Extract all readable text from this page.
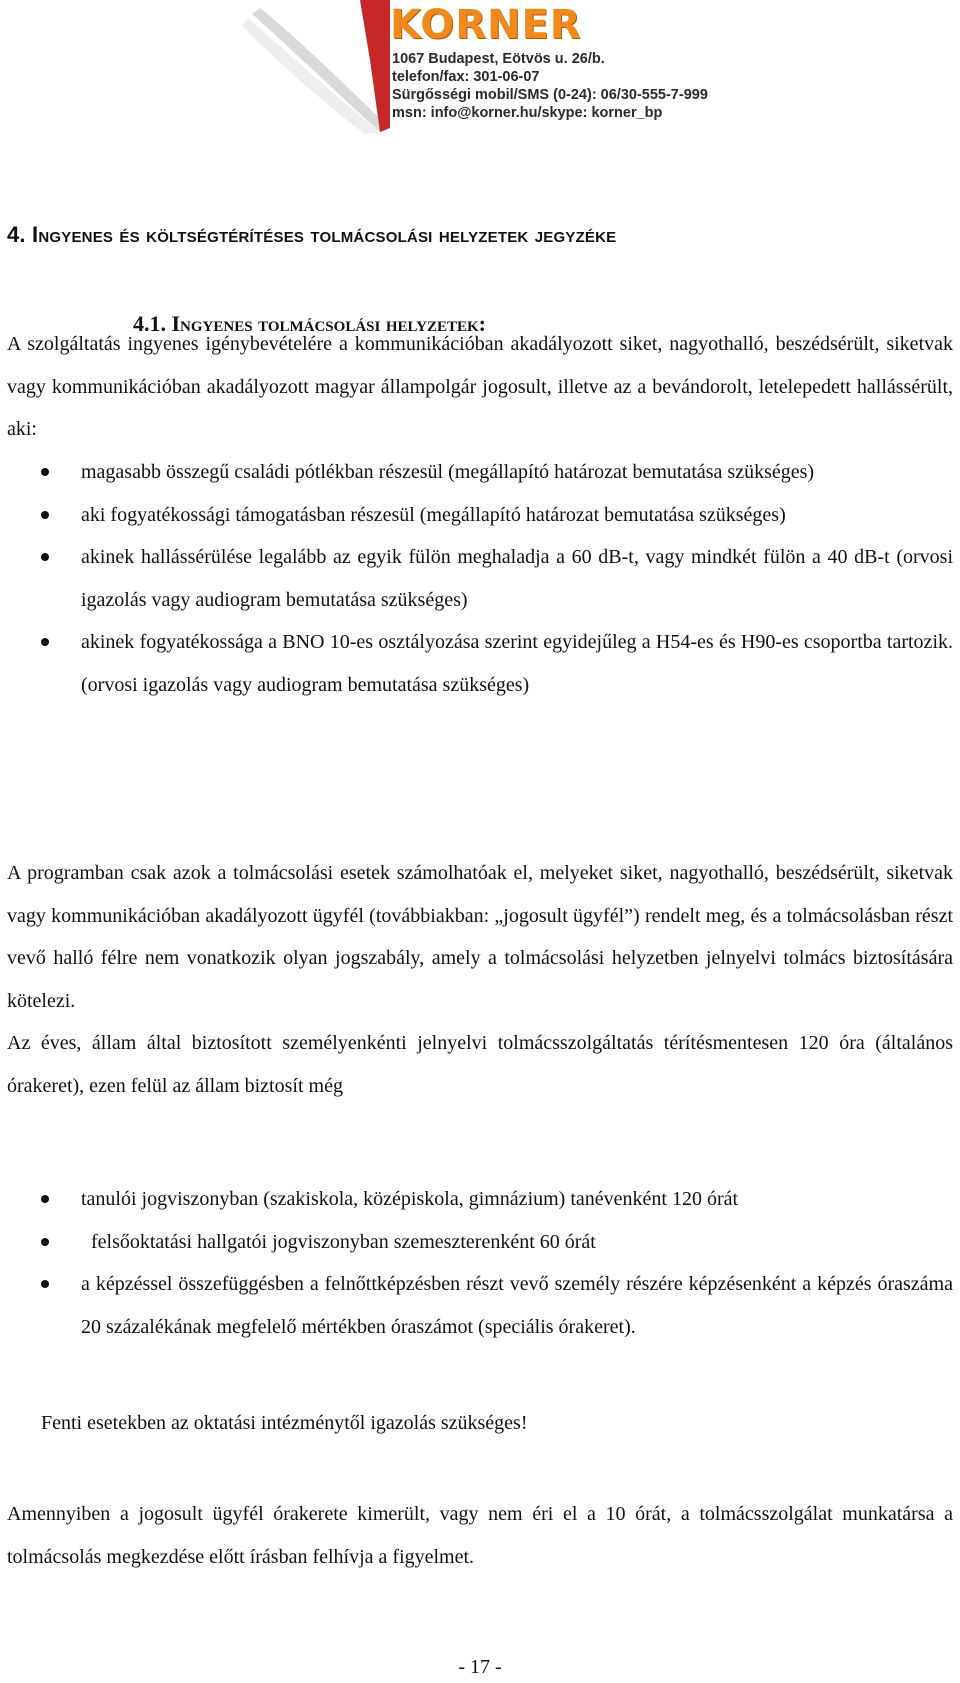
KORNER
1067 Budapest, Eötvös u. 26/b.
telefon/fax: 301-06-07
Sürgősségi mobil/SMS (0-24): 06/30-555-7-999
msn: info@korner.hu/skype: korner_bp
4. Ingyenes és költségtérítéses tolmácsolási helyzetek jegyzéke
4.1. Ingyenes tolmácsolási helyzetek:
A szolgáltatás ingyenes igénybevételére a kommunikációban akadályozott siket, nagyothalló, beszédsérült, siketvak vagy kommunikációban akadályozott magyar állampolgár jogosult, illetve az a bevándorolt, letelepedett hallássérült, aki:
magasabb összegű családi pótlékban részesül (megállapító határozat bemutatása szükséges)
aki fogyatékossági támogatásban részesül (megállapító határozat bemutatása szükséges)
akinek hallássérülése legalább az egyik fülön meghaladja a 60 dB-t, vagy mindkét fülön a 40 dB-t (orvosi igazolás vagy audiogram bemutatása szükséges)
akinek fogyatékossága a BNO 10-es osztályozása szerint egyidejűleg a H54-es és H90-es csoportba tartozik. (orvosi igazolás vagy audiogram bemutatása szükséges)
A programban csak azok a tolmácsolási esetek számolhatóak el, melyeket siket, nagyothalló, beszédsérült, siketvak vagy kommunikációban akadályozott ügyfél (továbbiakban: „jogosult ügyfél”) rendelt meg, és a tolmácsolásban részt vevő halló félre nem vonatkozik olyan jogszabály, amely a tolmácsolási helyzetben jelnyelvi tolmács biztosítására kötelezi.
Az éves, állam által biztosított személyenkénti jelnyelvi tolmácsszolgáltatás térítésmentesen 120 óra (általános órakeret), ezen felül az állam biztosít még
tanulói jogviszonyban (szakiskola, középiskola, gimnázium) tanévenként 120 órát
felsőoktatási hallgatói jogviszonyban szemeszterenként 60 órát
a képzéssel összefüggésben a felnőttképzésben részt vevő személy részére képzésenként a képzés óraszáma 20 százalékának megfelelő mértékben óraszámot (speciális órakeret).
Fenti esetekben az oktatási intézménytől igazolás szükséges!
Amennyiben a jogosult ügyfél órakerete kimerült, vagy nem éri el a 10 órát, a tolmácsszolgálat munkatársa a tolmácsolás megkezdése előtt írásban felhívja a figyelmet.
- 17 -
